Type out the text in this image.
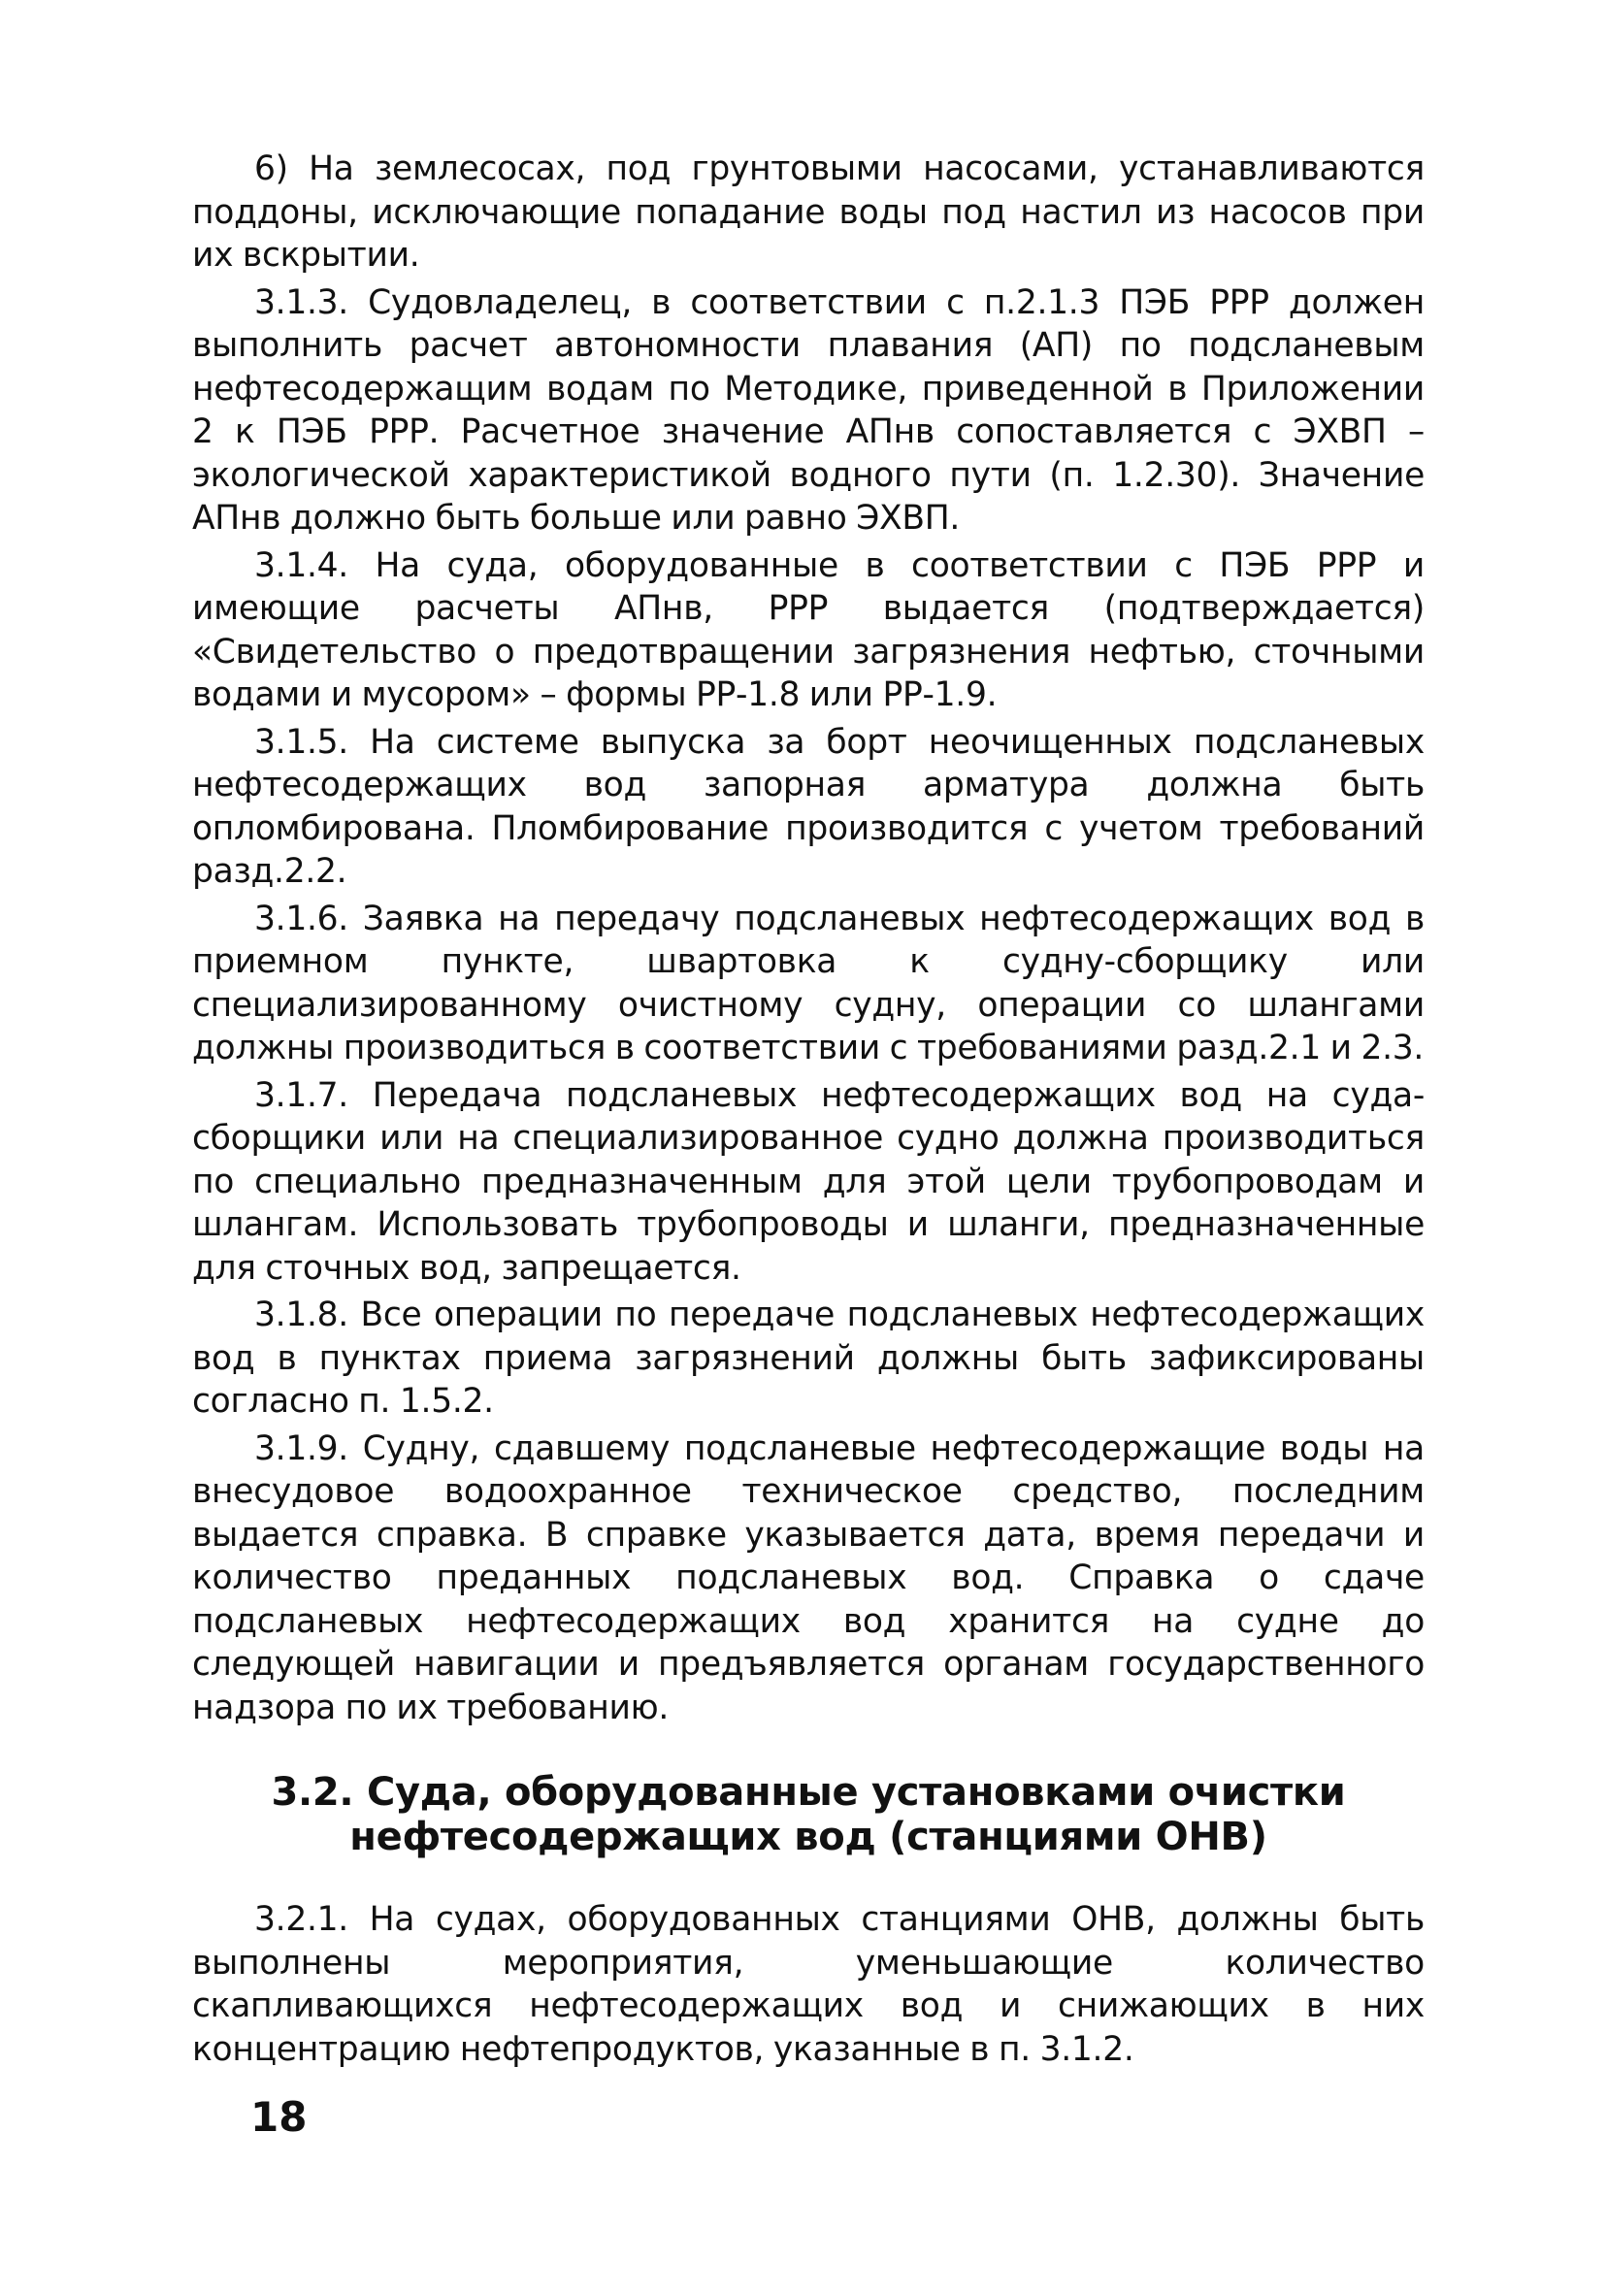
6) На землесосах, под грунтовыми насосами, устанавливаются поддоны, исключающие попадание воды под настил из насосов при их вскрытии.

3.1.3. Судовладелец, в соответствии с п.2.1.3 ПЭБ РРР должен выполнить расчет автономности плавания (АП) по подсланевым нефтесодержащим водам по Методике, приведенной в Приложении 2 к ПЭБ РРР. Расчетное значение АПнв сопоставляется с ЭХВП – экологической характеристикой водного пути (п. 1.2.30). Значение АПнв должно быть больше или равно ЭХВП.

3.1.4. На суда, оборудованные в соответствии с ПЭБ РРР и имеющие расчеты АПнв, РРР выдается (подтверждается) «Свидетельство о предотвращении загрязнения нефтью, сточными водами и мусором» – формы РР-1.8 или РР-1.9.

3.1.5. На системе выпуска за борт неочищенных подсланевых нефтесодержащих вод запорная арматура должна быть опломбирована. Пломбирование производится с учетом требований разд.2.2.

3.1.6. Заявка на передачу подсланевых нефтесодержащих вод в приемном пункте, швартовка к судну-сборщику или специализированному очистному судну, операции со шлангами должны производиться в соответствии с требованиями разд.2.1 и 2.3.

3.1.7. Передача подсланевых нефтесодержащих вод на суда-сборщики или на специализированное судно должна производиться по специально предназначенным для этой цели трубопроводам и шлангам. Использовать трубопроводы и шланги, предназначенные для сточных вод, запрещается.

3.1.8. Все операции по передаче подсланевых нефтесодержащих вод в пунктах приема загрязнений должны быть зафиксированы согласно п. 1.5.2.

3.1.9. Судну, сдавшему подсланевые нефтесодержащие воды на внесудовое водоохранное техническое средство, последним выдается справка. В справке указывается дата, время передачи и количество преданных подсланевых вод. Справка о сдаче подсланевых нефтесодержащих вод хранится на судне до следующей навигации и предъявляется органам государственного надзора по их требованию.

3.2. Суда, оборудованные установками очистки
нефтесодержащих вод (станциями ОНВ)

3.2.1. На судах, оборудованных станциями ОНВ, должны быть выполнены мероприятия, уменьшающие количество скапливающихся нефтесодержащих вод и снижающих в них концентрацию нефтепродуктов, указанные в п. 3.1.2.

18
